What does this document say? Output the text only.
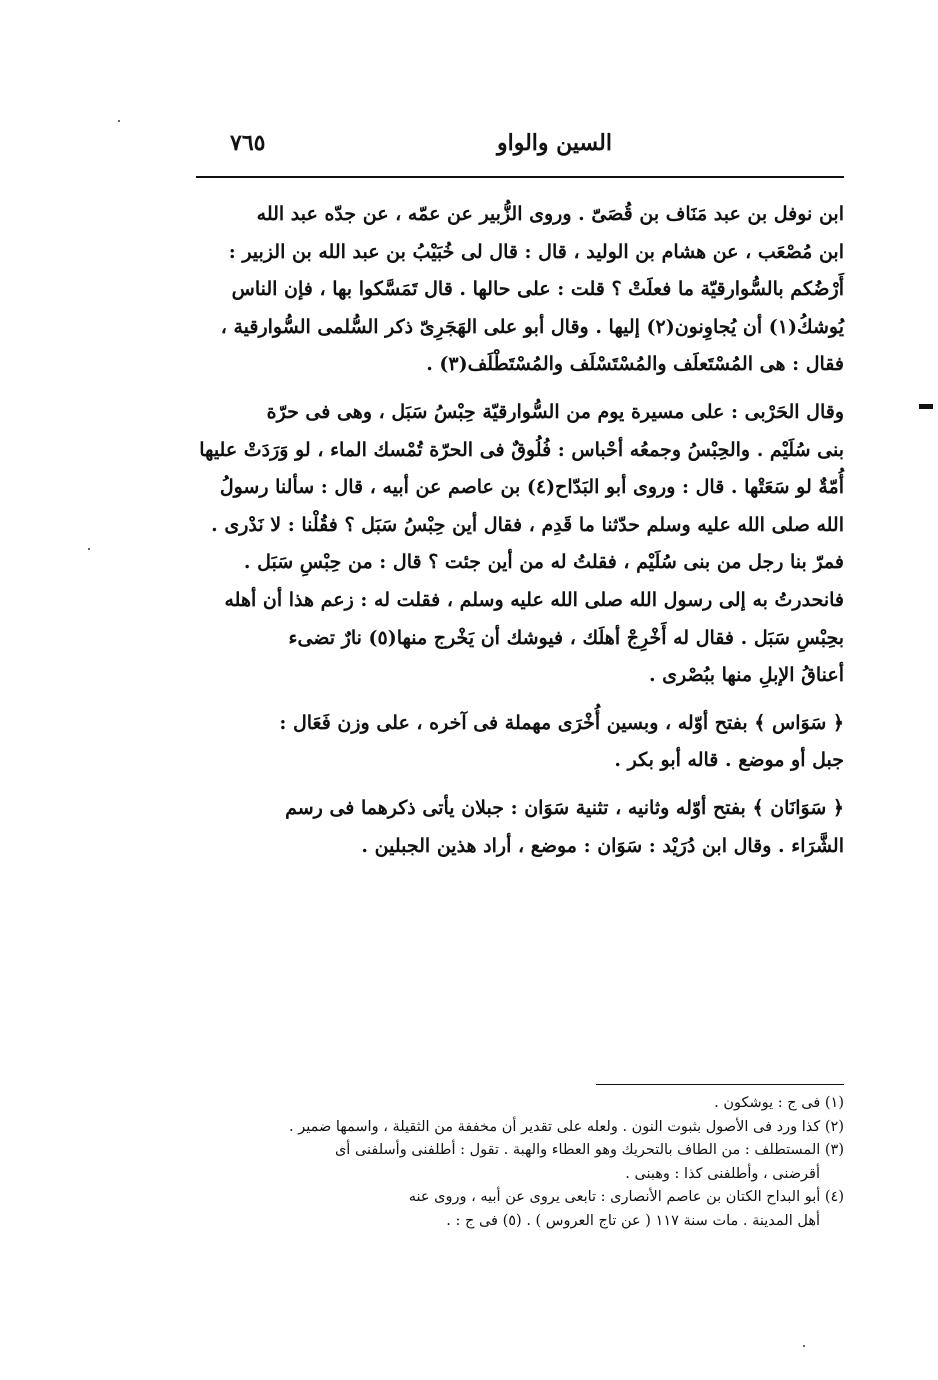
السين والواو
٧٦٥

ابن نوفل بن عبد مَنَاف بن قُصَىّ . وروى الزُّبير عن عمّه ، عن جدّه عبد الله
ابن مُصْعَب ، عن هشام بن الوليد ، قال : قال لى خُبَيْبُ بن عبد الله بن الزبير :
أَرْضُكم بالسُّوارقيّة ما فعلَتْ ؟ قلت : على حالها . قال تَمَسَّكوا بها ، فإن الناس
يُوشكُ(١) أن يُجاوِنون(٢) إليها . وقال أبو على الهَجَرِىّ ذكر السُّلمى السُّوارقية ،
فقال : هى المُسْتَعلَف والمُسْتَسْلَف والمُسْتَطْلَف(٣) .

وقال الحَرْبى : على مسيرة يوم من السُّوارقيّة حِبْسُ سَبَل ، وهى فى حرّة
بنى سُلَيْم . والحِبْسُ وجمعُه أحْباس : فُلُوقٌ فى الحرّة تُمْسك الماء ، لو وَرَدَتْ عليها
أُمّةٌ لو سَعَتْها . قال : وروى أبو البَدّاح(٤) بن عاصم عن أبيه ، قال : سألنا رسولُ
الله صلى الله عليه وسلم حدّثنا ما قَدِم ، فقال أين حِبْسُ سَبَل ؟ فقُلْنا : لا نَدْرى .
فمرّ بنا رجل من بنى سُلَيْم ، فقلتُ له من أين جئت ؟ قال : من حِبْسِ سَبَل .
فانحدرتُ به إلى رسول الله صلى الله عليه وسلم ، فقلت له : زعم هذا أن أهله
بحِبْسِ سَبَل . فقال له أَخْرِجْ أهلَك ، فيوشك أن يَخْرج منها(٥) نارٌ تضىء
أعناقُ الإبلِ منها ببُصْرى .

﴿ سَوَاس ﴾ بفتح أوّله ، وبسين أُخْرَى مهملة فى آخره ، على وزن فَعَال :
جبل أو موضع . قاله أبو بكر .

﴿ سَوَانَان ﴾ بفتح أوّله وثانيه ، تثنية سَوَان : جبلان يأتى ذكرهما فى رسم
الشَّرَاء . وقال ابن دُرَيْد : سَوَان : موضع ، أراد هذين الجبلين .

(١) فى ج : يوشكون .

(٢) كذا ورد فى الأصول بثبوت النون . ولعله على تقدير أن مخففة من الثقيلة ، واسمها ضمير .

(٣) المستطلف : من الطاف بالتحريك وهو العطاء والهبة . تقول : أطلفنى وأسلفنى أى

أقرضنى ، وأطلفنى كذا : وهبنى .

(٤) أبو البداح الكتان بن عاصم الأنصارى : تابعى يروى عن أبيه ، وروى عنه

أهل المدينة . مات سنة ١١٧ ( عن تاج العروس ) . (٥) فى ج : .
